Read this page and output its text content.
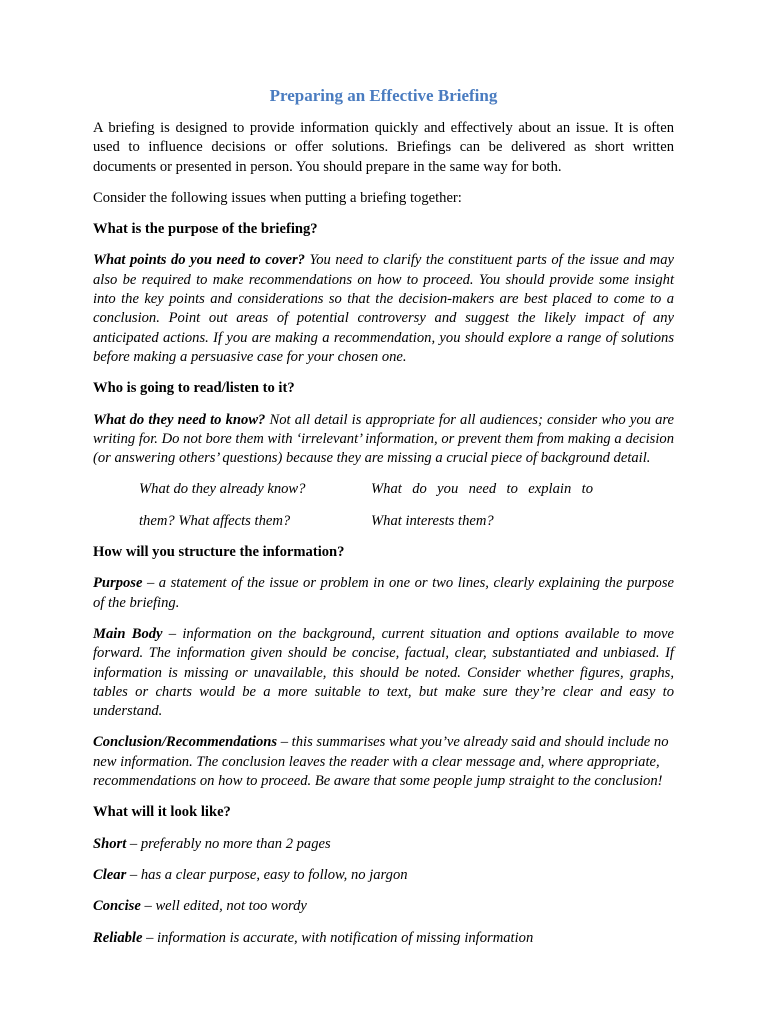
Preparing an Effective Briefing

A briefing is designed to provide information quickly and effectively about an issue. It is often used to influence decisions or offer solutions. Briefings can be delivered as short written documents or presented in person. You should prepare in the same way for both.

Consider the following issues when putting a briefing together:

What is the purpose of the briefing?

What points do you need to cover? You need to clarify the constituent parts of the issue and may also be required to make recommendations on how to proceed. You should provide some insight into the key points and considerations so that the decision-makers are best placed to come to a conclusion. Point out areas of potential controversy and suggest the likely impact of any anticipated actions. If you are making a recommendation, you should explore a range of solutions before making a persuasive case for your chosen one.

Who is going to read/listen to it?

What do they need to know? Not all detail is appropriate for all audiences; consider who you are writing for. Do not bore them with ‘irrelevant’ information, or prevent them from making a decision (or answering others’ questions) because they are missing a crucial piece of background detail.

What do they already know?	What do you need to explain to
them? What affects them?	What interests them?

How will you structure the information?

Purpose – a statement of the issue or problem in one or two lines, clearly explaining the purpose of the briefing.

Main Body – information on the background, current situation and options available to move forward. The information given should be concise, factual, clear, substantiated and unbiased. If information is missing or unavailable, this should be noted. Consider whether figures, graphs, tables or charts would be a more suitable to text, but make sure they’re clear and easy to understand.

Conclusion/Recommendations – this summarises what you’ve already said and should include no new information. The conclusion leaves the reader with a clear message and, where appropriate, recommendations on how to proceed. Be aware that some people jump straight to the conclusion!

What will it look like?

Short – preferably no more than 2 pages

Clear – has a clear purpose, easy to follow, no jargon

Concise – well edited, not too wordy

Reliable – information is accurate, with notification of missing information
